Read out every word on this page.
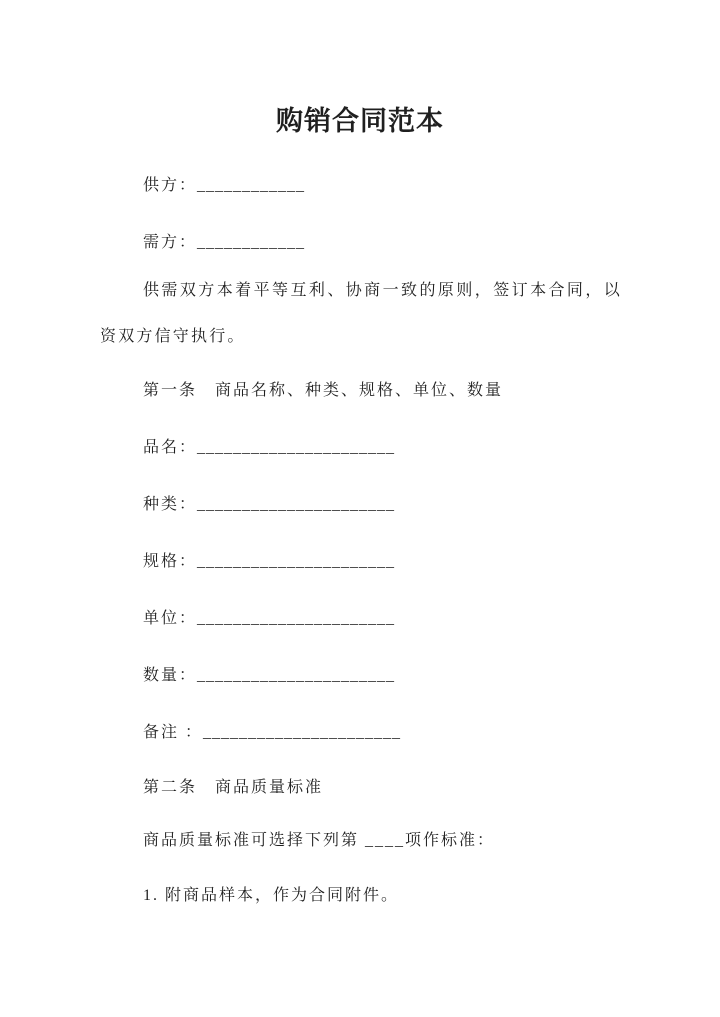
购销合同范本
供方：____________
需方：____________

供需双方本着平等互利、协商一致的原则，签订本合同，以资双方信守执行。

第一条　商品名称、种类、规格、单位、数量
品名：______________________
种类：______________________
规格：______________________
单位：______________________
数量：______________________
备注 ：______________________
第二条　商品质量标准
商品质量标准可选择下列第 ____项作标准：
1. 附商品样本，作为合同附件。
